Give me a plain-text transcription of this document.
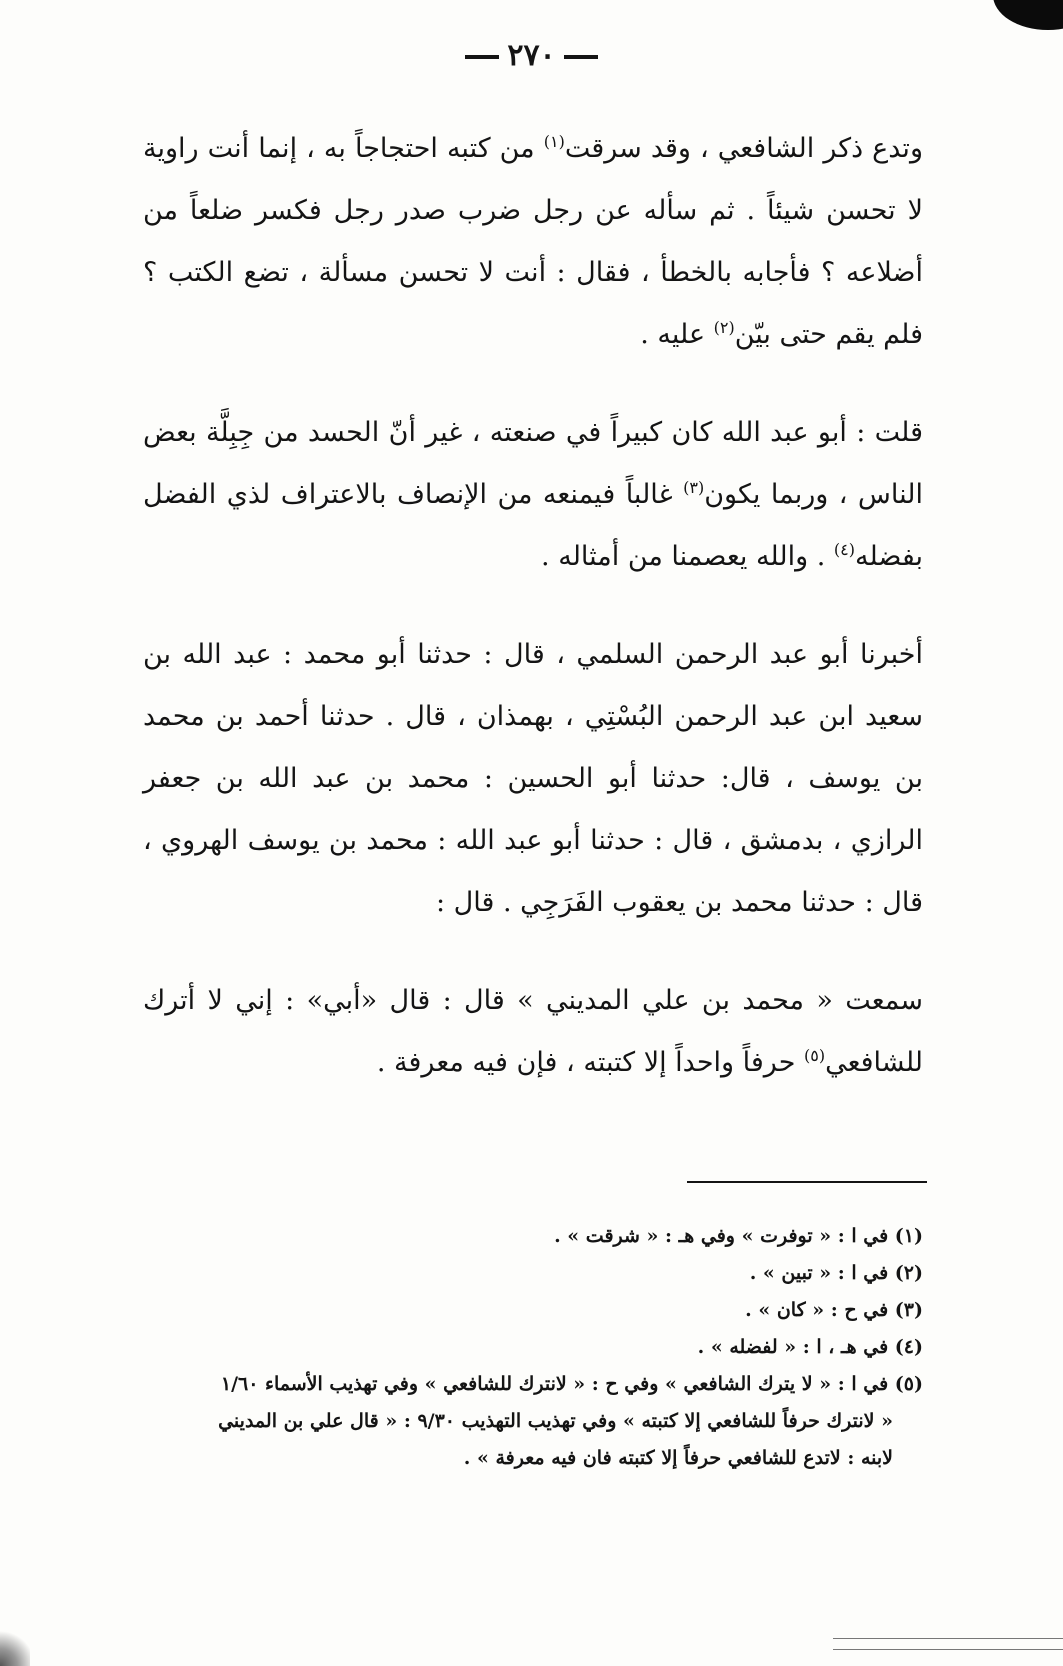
٢٧٠

وتدع ذكر الشافعي ، وقد سرقت$^{(١)}$ من كتبه احتجاجاً به ، إنما أنت راوية لا تحسن شيئاً . ثم سأله عن رجل ضرب صدر رجل فكسر ضلعاً من أضلاعه ؟ فأجابه بالخطأ ، فقال : أنت لا تحسن مسألة ، تضع الكتب ؟ فلم يقم حتى بيّن$^{(٢)}$ عليه .

قلت : أبو عبد الله كان كبيراً في صنعته ، غير أنّ الحسد من جِبِلَّة بعض الناس ، وربما يكون$^{(٣)}$ غالباً فيمنعه من الإنصاف بالاعتراف لذي الفضل بفضله$^{(٤)}$ . والله يعصمنا من أمثاله .

أخبرنا أبو عبد الرحمن السلمي ، قال : حدثنا أبو محمد : عبد الله بن سعيد ابن عبد الرحمن البُسْتِي ، بهمذان ، قال . حدثنا أحمد بن محمد بن يوسف ، قال: حدثنا أبو الحسين : محمد بن عبد الله بن جعفر الرازي ، بدمشق ، قال : حدثنا أبو عبد الله : محمد بن يوسف الهروي ، قال : حدثنا محمد بن يعقوب الفَرَجِي . قال :

سمعت « محمد بن علي المديني » قال : قال «أبي» : إني لا أترك للشافعي$^{(٥)}$ حرفاً واحداً إلا كتبته ، فإن فيه معرفة .

(١) في ا : « توفرت » وفي هـ : « شرقت » .

(٢) في ا : « تبين » .

(٣) في ح : « كان » .

(٤) في هـ ، ا : « لفضله » .

(٥) في ا : « لا يترك الشافعي » وفي ح : « لانترك للشافعي » وفي تهذيب الأسماء ١/٦٠

« لانترك حرفاً للشافعي إلا كتبته » وفي تهذيب التهذيب ٩/٣٠ : « قال علي بن المديني

لابنه : لاتدع للشافعي حرفاً إلا كتبته فان فيه معرفة » .
